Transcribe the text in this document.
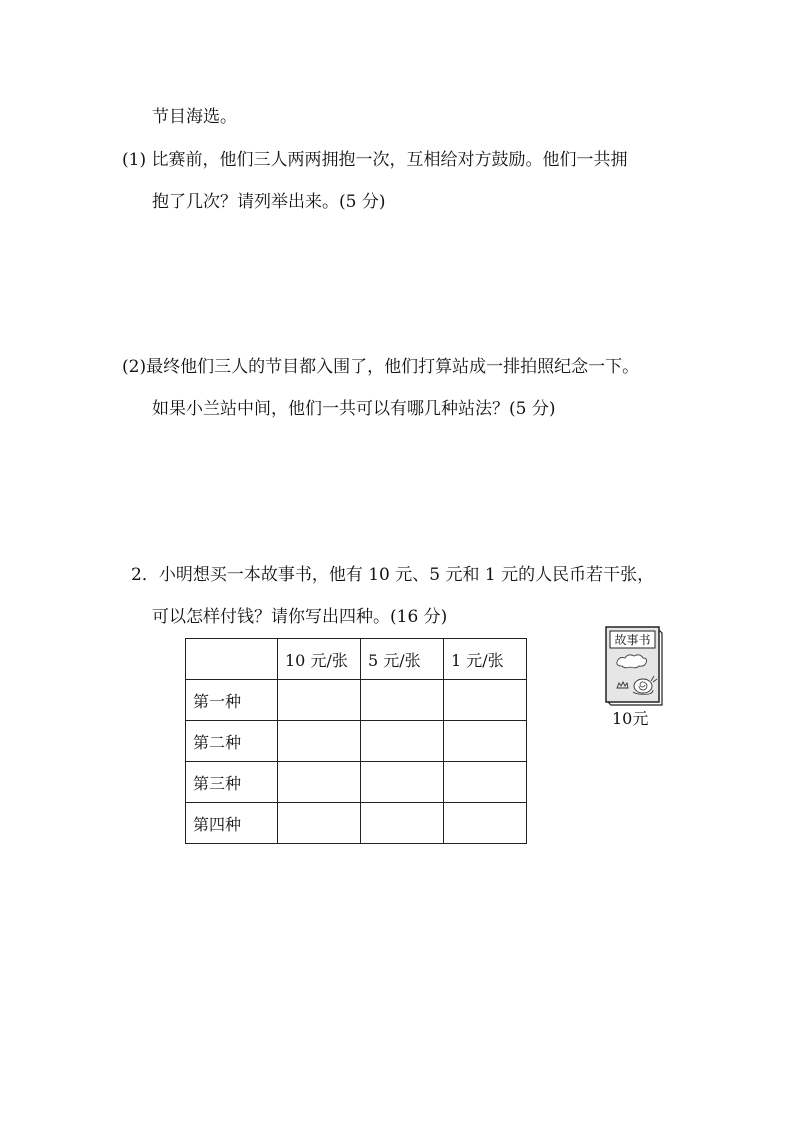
节目海选。
(1) 比赛前，他们三人两两拥抱一次，互相给对方鼓励。他们一共拥
抱了几次？请列举出来。(5 分)
(2)最终他们三人的节目都入围了，他们打算站成一排拍照纪念一下。
如果小兰站中间，他们一共可以有哪几种站法？(5 分)
2．小明想买一本故事书，他有 10 元、5 元和 1 元的人民币若干张，
可以怎样付钱？请你写出四种。(16 分)
	10 元/张	5 元/张	1 元/张
第一种			
第二种			
第三种			
第四种			
故事书
10元
